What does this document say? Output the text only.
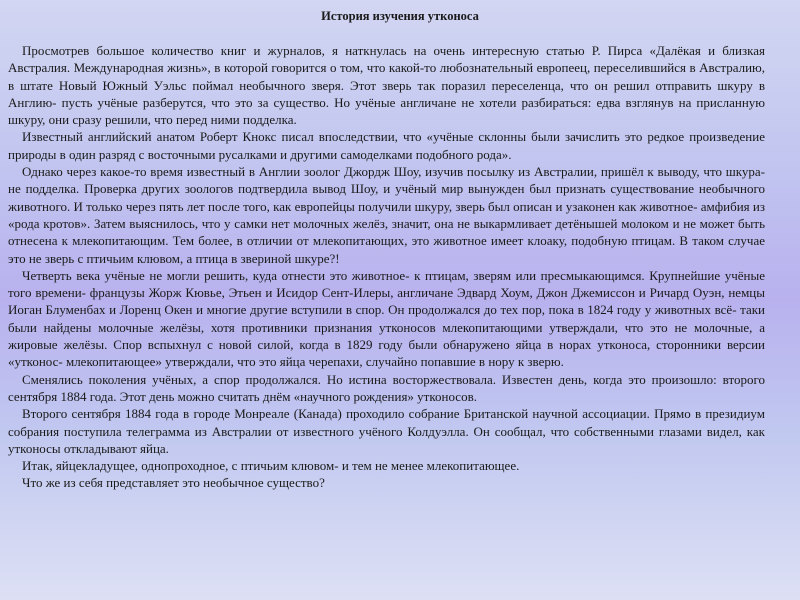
История изучения утконоса

Просмотрев большое количество книг и журналов, я наткнулась на очень интересную статью Р. Пирса «Далёкая и близкая Австралия. Международная жизнь», в которой говорится о том, что какой-то любознательный европеец, переселившийся в Австралию, в штате Новый Южный Уэльс поймал необычного зверя. Этот зверь так поразил переселенца, что он решил отправить шкуру в Англию- пусть учёные разберутся, что это за существо. Но учёные англичане не хотели разбираться: едва взглянув на присланную шкуру, они сразу решили, что перед ними подделка.

Известный английский анатом Роберт Кнокс писал впоследствии, что «учёные склонны были зачислить это редкое произведение природы в один разряд с восточными русалками и другими самоделками подобного рода».

Однако через какое-то время известный в Англии зоолог Джордж Шоу, изучив посылку из Австралии, пришёл к выводу, что шкура- не подделка. Проверка других зоологов подтвердила вывод Шоу, и учёный мир вынужден был признать существование необычного животного. И только через пять лет после того, как европейцы получили шкуру, зверь был описан и узаконен как животное- амфибия из «рода кротов». Затем выяснилось, что у самки нет молочных желёз, значит, она не выкармливает детёнышей молоком и не может быть отнесена к млекопитающим. Тем более, в отличии от млекопитающих, это животное имеет клоаку, подобную птицам. В таком случае это не зверь с птичьим клювом, а птица в звериной шкуре?!

Четверть века учёные не могли решить, куда отнести это животное- к птицам, зверям или пресмыкающимся. Крупнейшие учёные того времени- французы Жорж Кювье, Этьен и Исидор Сент-Илеры, англичане Эдвард Хоум, Джон Джемиссон и Ричард Оуэн, немцы Иоган Блуменбах и Лоренц Окен и многие другие вступили в спор. Он продолжался до тех пор, пока в 1824 году у животных всё- таки были найдены молочные желёзы, хотя противники признания утконосов млекопитающими утверждали, что это не молочные, а жировые желёзы. Спор вспыхнул с новой силой, когда в 1829 году были обнаружено яйца в норах утконоса, сторонники версии «утконос- млекопитающее» утверждали, что это яйца черепахи, случайно попавшие в нору к зверю.

Сменялись поколения учёных, а спор продолжался. Но истина восторжествовала. Известен день, когда это произошло: второго сентября 1884 года. Этот день можно считать днём «научного рождения» утконосов.

Второго сентября 1884 года в городе Монреале (Канада) проходило собрание Британской научной ассоциации. Прямо в президиум собрания поступила телеграмма из Австралии от известного учёного Колдуэлла. Он сообщал, что собственными глазами видел, как утконосы откладывают яйца.

Итак, яйцекладущее, однопроходное, с птичьим клювом- и тем не менее млекопитающее.

Что же из себя представляет это необычное существо?
